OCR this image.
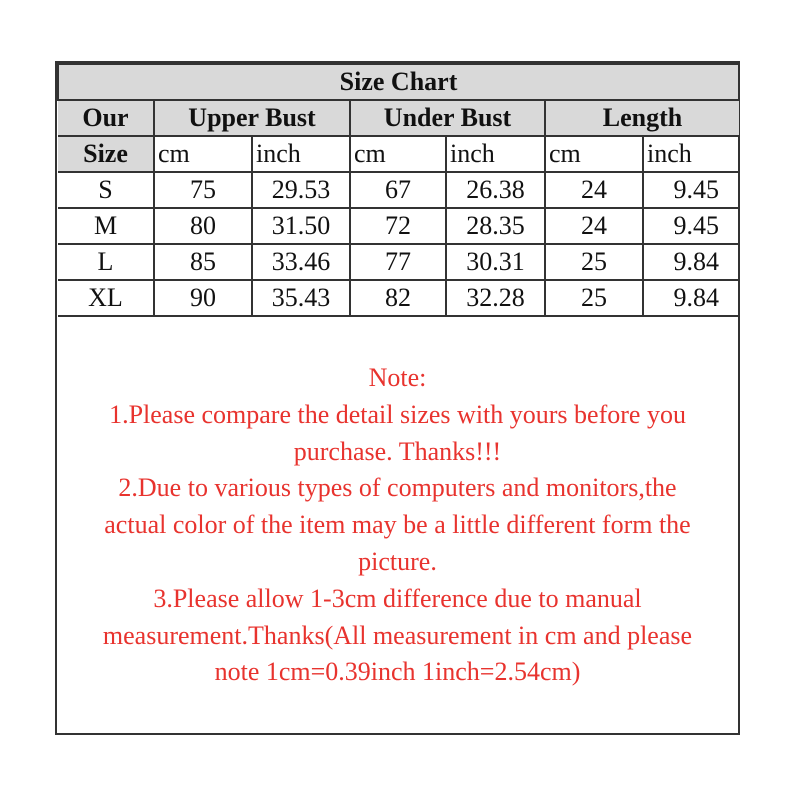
Size Chart						
Our	Upper Bust		Under Bust		Length	
Size	cm	inch	cm	inch	cm	inch
S	75	29.53	67	26.38	24	9.45
M	80	31.50	72	28.35	24	9.45
L	85	33.46	77	30.31	25	9.84
XL	90	35.43	82	32.28	25	9.84
Note:
1.Please compare the detail sizes with yours before you
purchase. Thanks!!!
2.Due to various types of computers and monitors,the
actual color of the item may be a little different form the
picture.
3.Please allow 1-3cm difference due to manual
measurement.Thanks(All measurement in cm and please
note 1cm=0.39inch 1inch=2.54cm)
